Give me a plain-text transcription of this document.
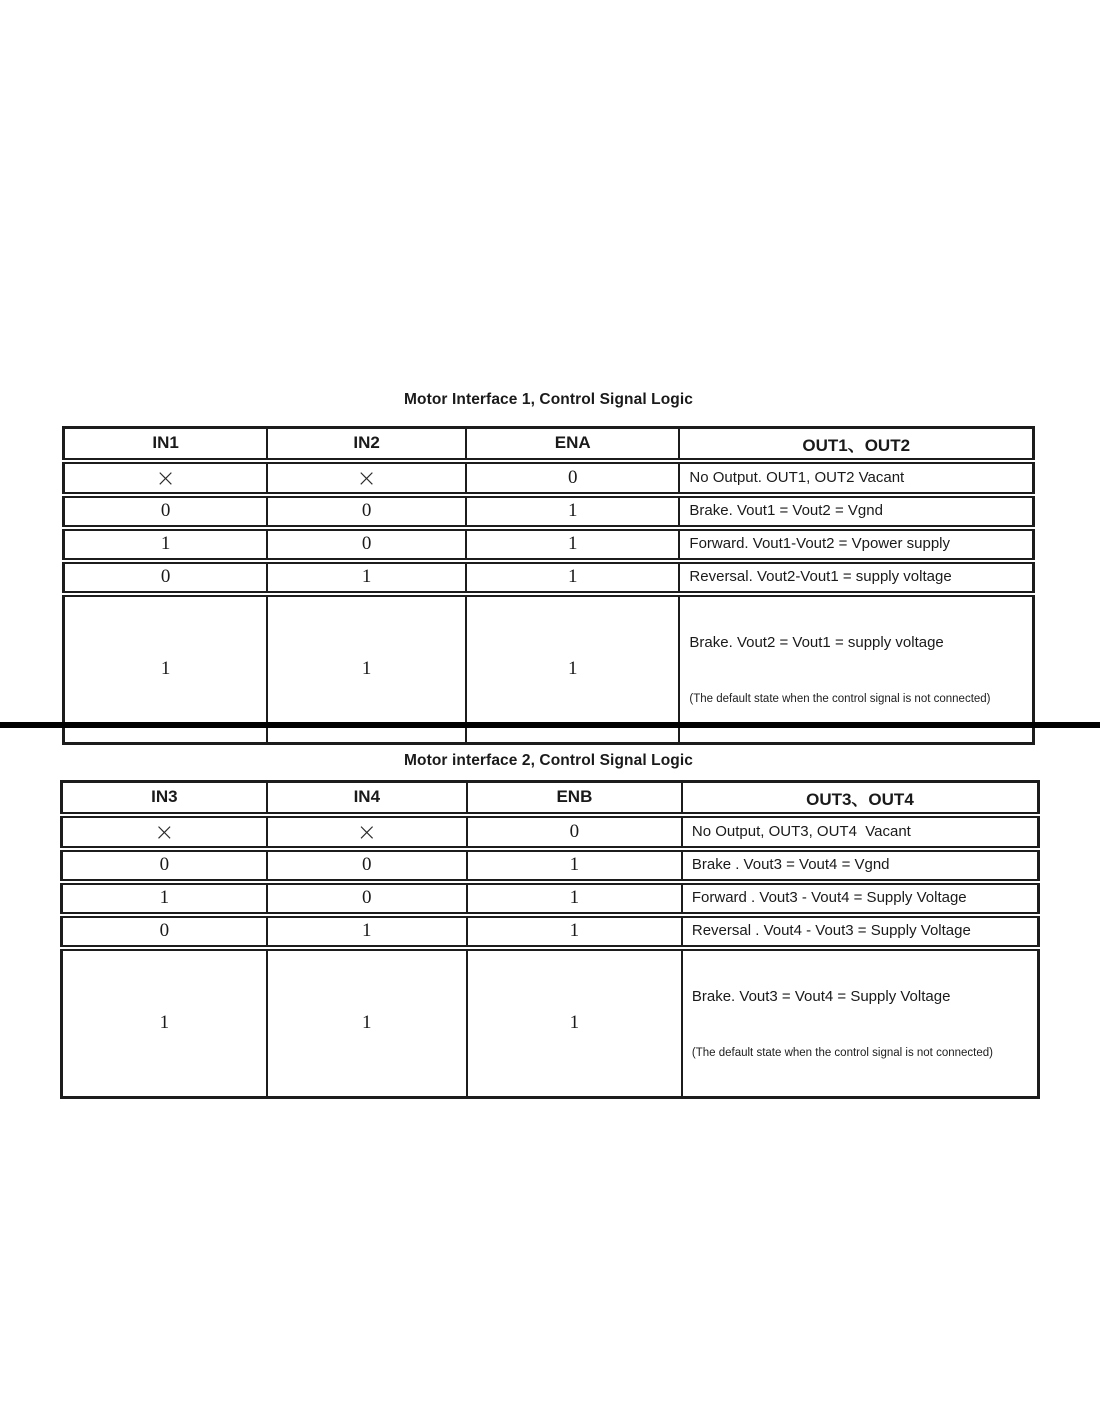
Motor Interface 1, Control Signal Logic
IN1	IN2	ENA	OUT1、OUT2
×	×	0	No Output. OUT1, OUT2 Vacant

0	0	1	Brake. Vout1 = Vout2 = Vgnd

1	0	1	Forward. Vout1-Vout2 = Vpower supply

0	1	1	Reversal. Vout2-Vout1 = supply voltage

1	1	1	Brake. Vout2 = Vout1 = supply voltage

(The default state when the control signal is not connected)

Motor interface 2, Control Signal Logic
IN3	IN4	ENB	OUT3、OUT4
×	×	0	No Output, OUT3, OUT4  Vacant

0	0	1	Brake . Vout3 = Vout4 = Vgnd

1	0	1	Forward . Vout3 - Vout4 = Supply Voltage

0	1	1	Reversal . Vout4 - Vout3 = Supply Voltage

1	1	1	Brake. Vout3 = Vout4 = Supply Voltage

(The default state when the control signal is not connected)
